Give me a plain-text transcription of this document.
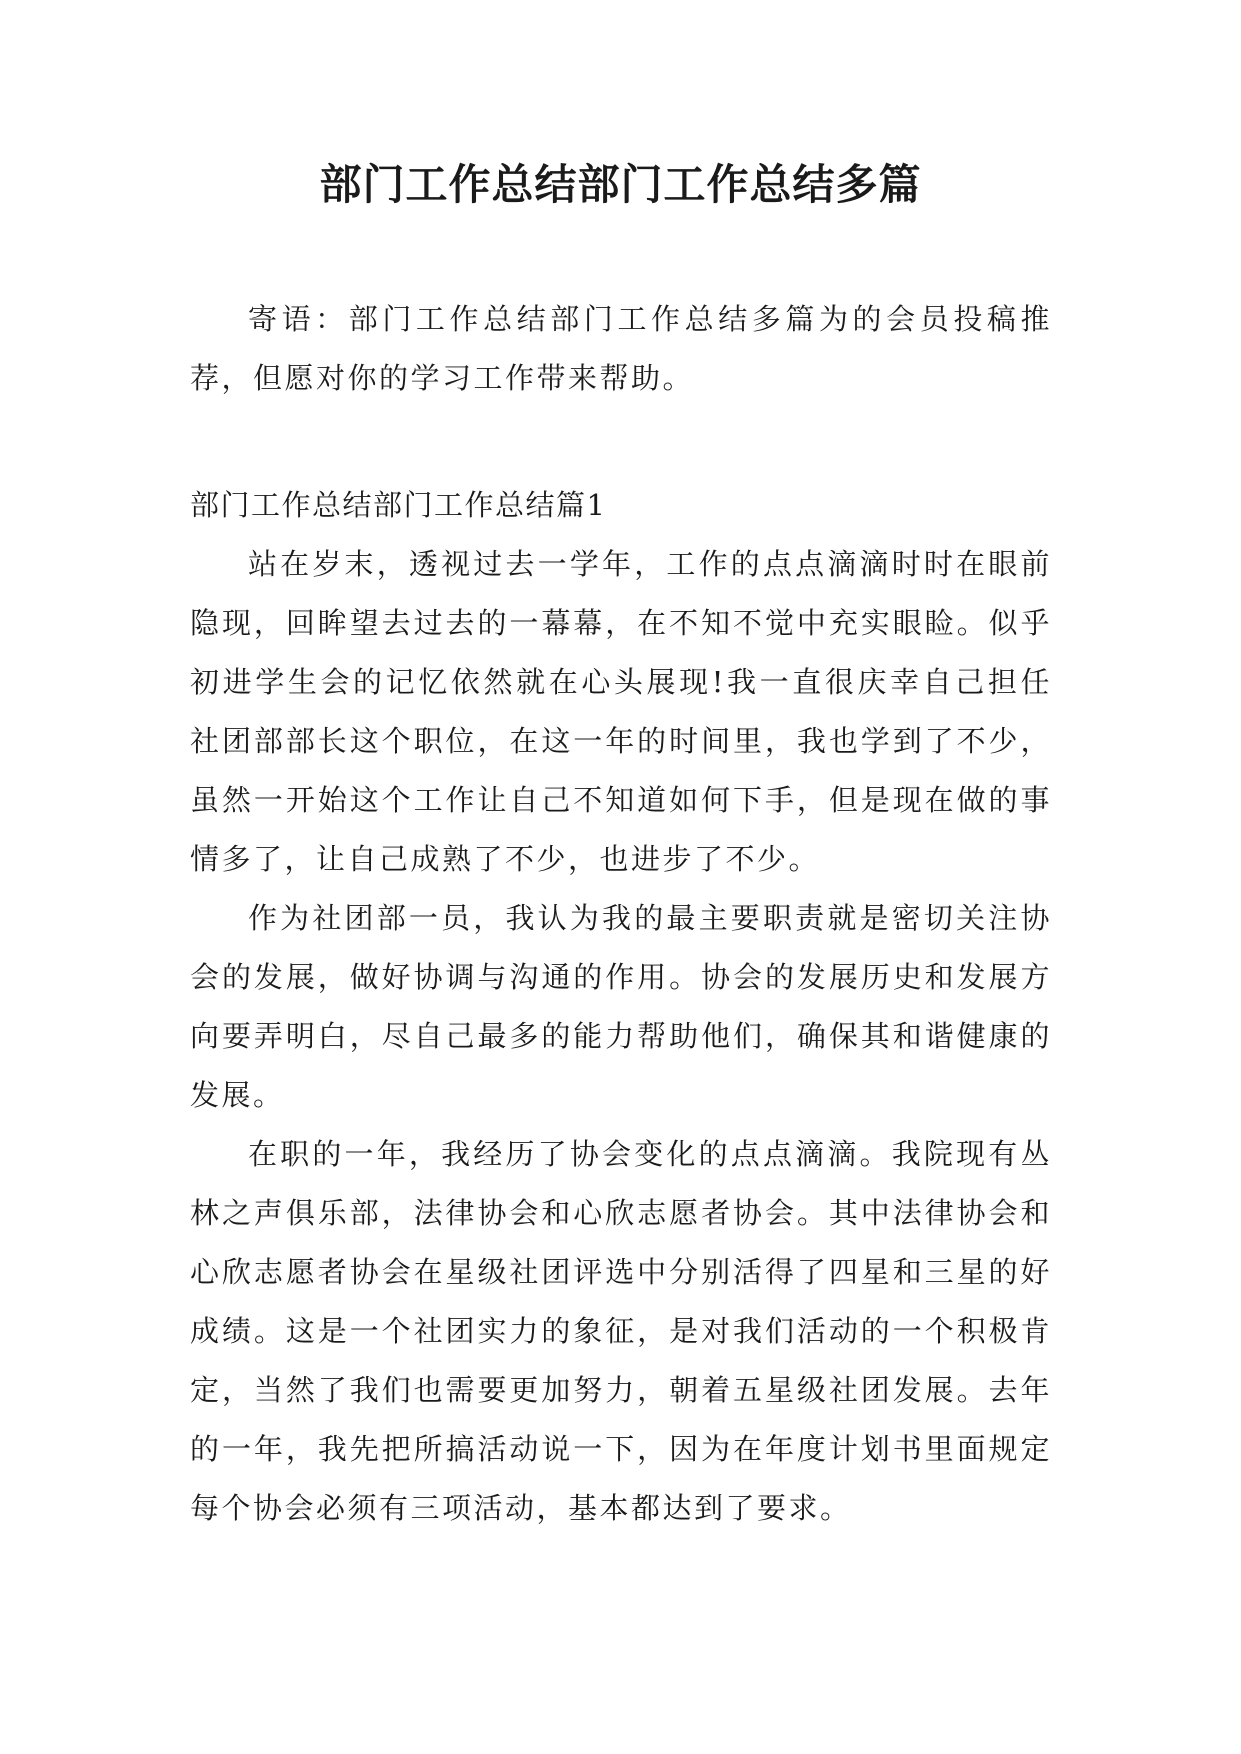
部门工作总结部门工作总结多篇

寄语：部门工作总结部门工作总结多篇为的会员投稿推荐，但愿对你的学习工作带来帮助。

部门工作总结部门工作总结篇1

站在岁末，透视过去一学年，工作的点点滴滴时时在眼前隐现，回眸望去过去的一幕幕，在不知不觉中充实眼睑。似乎初进学生会的记忆依然就在心头展现!我一直很庆幸自己担任社团部部长这个职位，在这一年的时间里，我也学到了不少，虽然一开始这个工作让自己不知道如何下手，但是现在做的事情多了，让自己成熟了不少，也进步了不少。

作为社团部一员，我认为我的最主要职责就是密切关注协会的发展，做好协调与沟通的作用。协会的发展历史和发展方向要弄明白，尽自己最多的能力帮助他们，确保其和谐健康的发展。

在职的一年，我经历了协会变化的点点滴滴。我院现有丛林之声俱乐部，法律协会和心欣志愿者协会。其中法律协会和心欣志愿者协会在星级社团评选中分别活得了四星和三星的好成绩。这是一个社团实力的象征，是对我们活动的一个积极肯定，当然了我们也需要更加努力，朝着五星级社团发展。去年的一年，我先把所搞活动说一下，因为在年度计划书里面规定每个协会必须有三项活动，基本都达到了要求。
